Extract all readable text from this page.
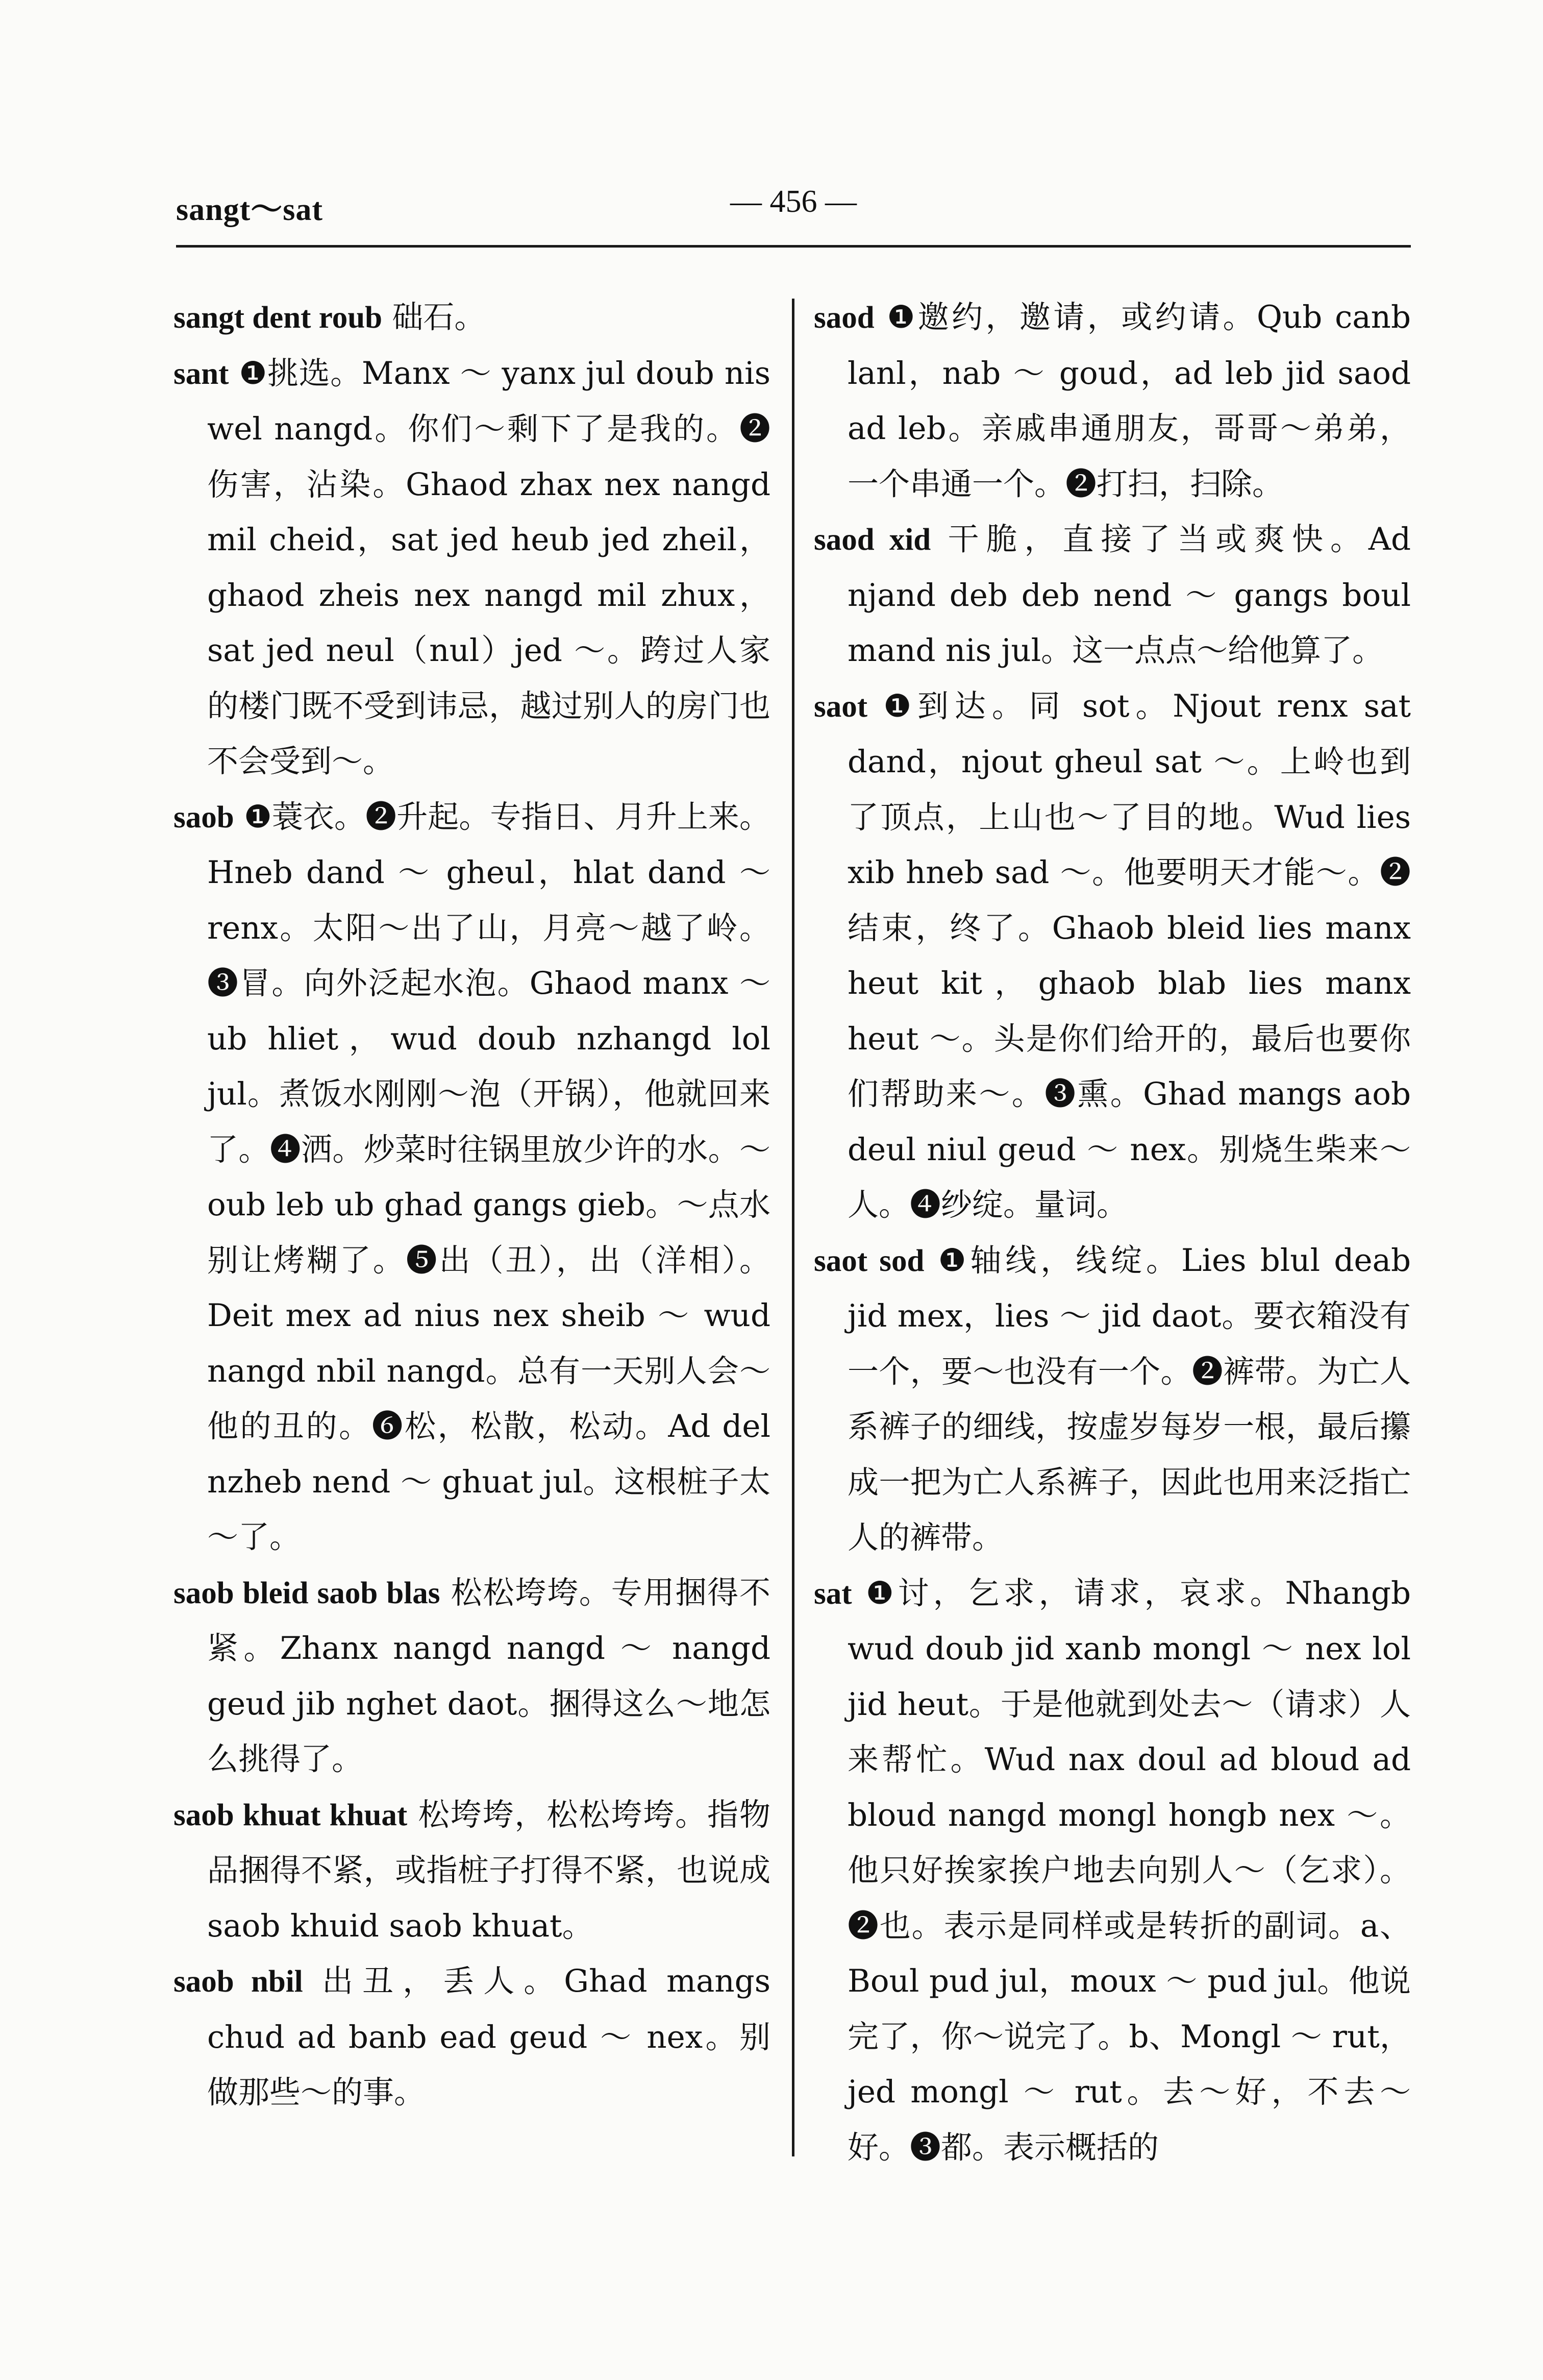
sangt～sat	— 456 —

sangt dent roub 础石。

sant ❶挑选。Manx ～ yanx jul doub nis wel nangd。你们～剩下了是我的。❷伤害，沾染。Ghaod zhax nex nangd mil cheid，sat jed heub jed zheil，ghaod zheis nex nangd mil zhux，sat jed neul（nul）jed ～。跨过人家的楼门既不受到讳忌，越过别人的房门也不会受到～。

saob ❶蓑衣。❷升起。专指日、月升上来。Hneb dand ～ gheul，hlat dand ～ renx。太阳～出了山，月亮～越了岭。❸冒。向外泛起水泡。Ghaod manx ～ ub hliet，wud doub nzhangd lol jul。煮饭水刚刚～泡（开锅），他就回来了。❹洒。炒菜时往锅里放少许的水。～ oub leb ub ghad gangs gieb。～点水别让烤糊了。❺出（丑），出（洋相）。Deit mex ad nius nex sheib ～ wud nangd nbil nangd。总有一天别人会～他的丑的。❻松，松散，松动。Ad del nzheb nend ～ ghuat jul。这根桩子太～了。

saob bleid saob blas 松松垮垮。专用捆得不紧。Zhanx nangd nangd ～ nangd geud jib nghet daot。捆得这么～地怎么挑得了。

saob khuat khuat 松垮垮，松松垮垮。指物品捆得不紧，或指桩子打得不紧，也说成 saob khuid saob khuat。

saob nbil 出丑，丢人。Ghad mangs chud ad banb ead geud ～ nex。别做那些～的事。

saod ❶邀约，邀请，或约请。Qub canb lanl，nab ～ goud，ad leb jid saod ad leb。亲戚串通朋友，哥哥～弟弟，一个串通一个。❷打扫，扫除。

saod xid 干脆，直接了当或爽快。Ad njand deb deb nend ～ gangs boul mand nis jul。这一点点～给他算了。

saot ❶到达。同 sot。Njout renx sat dand，njout gheul sat ～。上岭也到了顶点，上山也～了目的地。Wud lies xib hneb sad ～。他要明天才能～。❷结束，终了。Ghaob bleid lies manx heut kit，ghaob blab lies manx heut ～。头是你们给开的，最后也要你们帮助来～。❸熏。Ghad mangs aob deul niul geud ～ nex。别烧生柴来～人。❹纱绽。量词。

saot sod ❶轴线，线绽。Lies blul deab jid mex，lies ～ jid daot。要衣箱没有一个，要～也没有一个。❷裤带。为亡人系裤子的细线，按虚岁每岁一根，最后攥成一把为亡人系裤子，因此也用来泛指亡人的裤带。

sat ❶讨，乞求，请求，哀求。Nhangb wud doub jid xanb mongl ～ nex lol jid heut。于是他就到处去～（请求）人来帮忙。Wud nax doul ad bloud ad bloud nangd mongl hongb nex ～。他只好挨家挨户地去向别人～（乞求）。❷也。表示是同样或是转折的副词。a、Boul pud jul，moux ～ pud jul。他说完了，你～说完了。b、Mongl ～ rut，jed mongl ～ rut。去～好，不去～好。❸都。表示概括的
